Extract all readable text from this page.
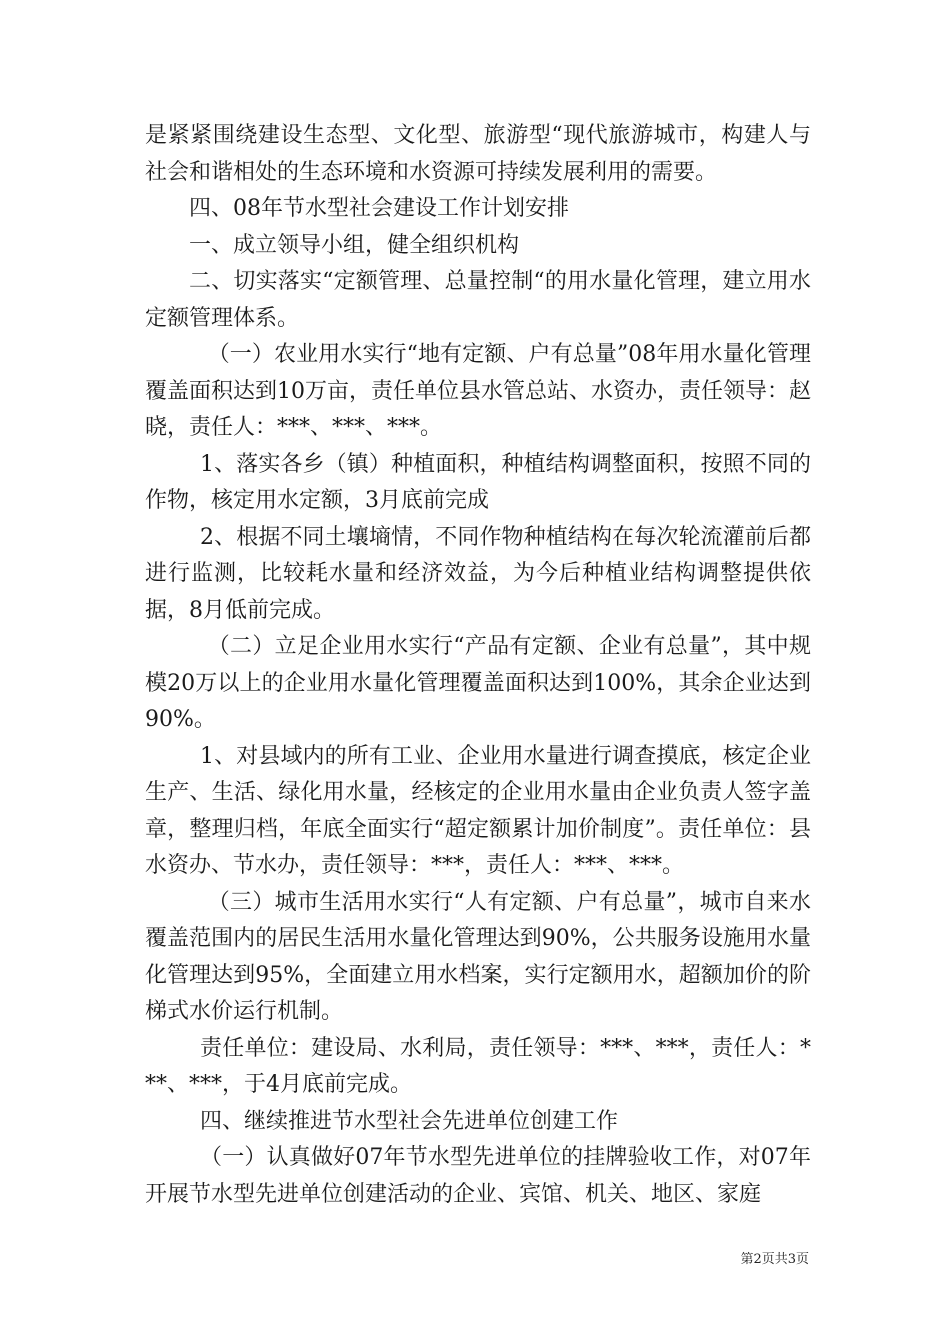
是紧紧围绕建设生态型、文化型、旅游型“现代旅游城市，构建人与社会和谐相处的生态环境和水资源可持续发展利用的需要。

四、08年节水型社会建设工作计划安排

一、成立领导小组，健全组织机构

二、切实落实“定额管理、总量控制“的用水量化管理，建立用水定额管理体系。

（一）农业用水实行“地有定额、户有总量”08年用水量化管理覆盖面积达到10万亩，责任单位县水管总站、水资办，责任领导：赵晓，责任人：***、***、***。

1、落实各乡（镇）种植面积，种植结构调整面积，按照不同的作物，核定用水定额，3月底前完成

2、根据不同土壤墒情，不同作物种植结构在每次轮流灌前后都进行监测，比较耗水量和经济效益，为今后种植业结构调整提供依据，8月低前完成。

（二）立足企业用水实行“产品有定额、企业有总量”，其中规模20万以上的企业用水量化管理覆盖面积达到100%，其余企业达到90%。

1、对县域内的所有工业、企业用水量进行调查摸底，核定企业生产、生活、绿化用水量，经核定的企业用水量由企业负责人签字盖章，整理归档，年底全面实行“超定额累计加价制度”。责任单位：县水资办、节水办，责任领导：***，责任人：***、***。

（三）城市生活用水实行“人有定额、户有总量”，城市自来水覆盖范围内的居民生活用水量化管理达到90%，公共服务设施用水量化管理达到95%，全面建立用水档案，实行定额用水，超额加价的阶梯式水价运行机制。

责任单位：建设局、水利局，责任领导：***、***，责任人：***、***，于4月底前完成。

四、继续推进节水型社会先进单位创建工作

（一）认真做好07年节水型先进单位的挂牌验收工作，对07年开展节水型先进单位创建活动的企业、宾馆、机关、地区、家庭

第2页共3页
